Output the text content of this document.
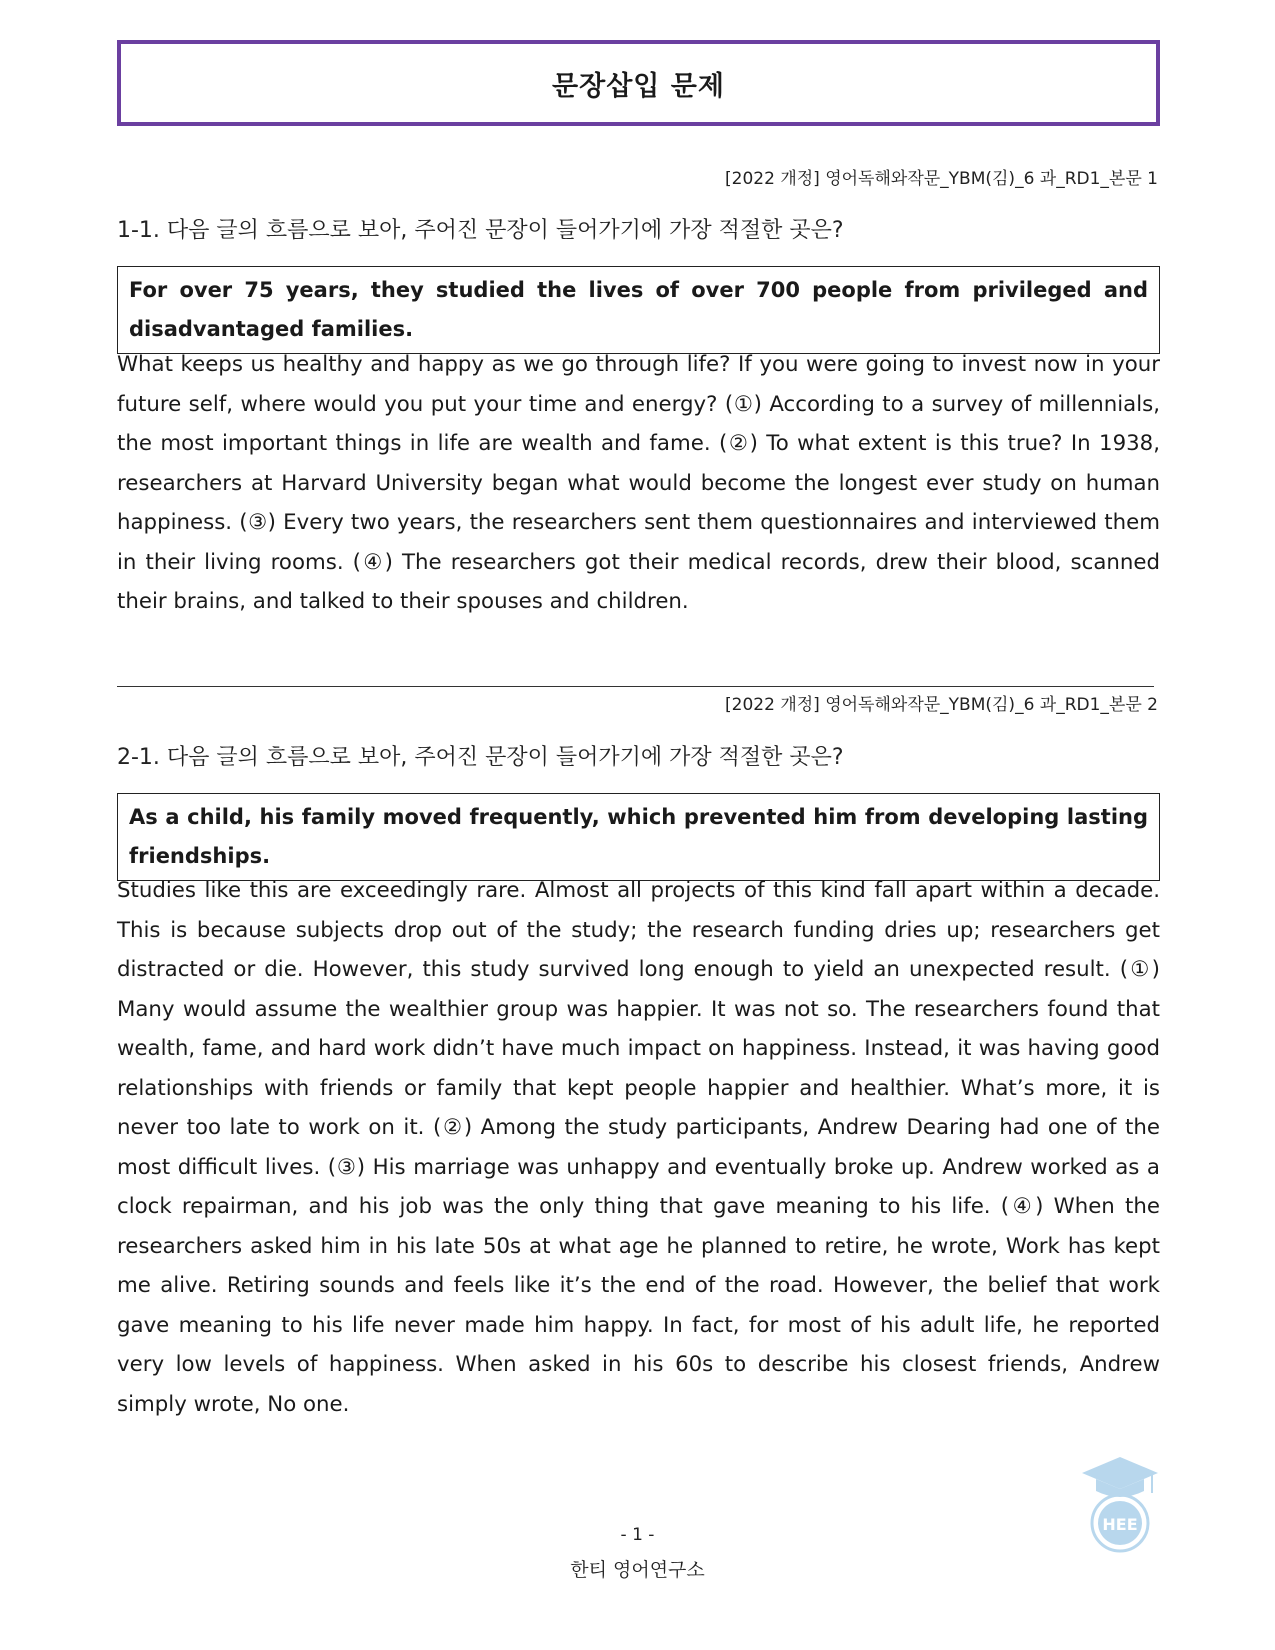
문장삽입 문제
[2022 개정] 영어독해와작문_YBM(김)_6 과_RD1_본문 1
1-1. 다음 글의 흐름으로 보아, 주어진 문장이 들어가기에 가장 적절한 곳은?
For over 75 years, they studied the lives of over 700 people from privileged and disadvantaged families.
What keeps us healthy and happy as we go through life? If you were going to invest now in your future self, where would you put your time and energy? (①) According to a survey of millennials, the most important things in life are wealth and fame. (②) To what extent is this true? In 1938, researchers at Harvard University began what would become the longest ever study on human happiness. (③) Every two years, the researchers sent them questionnaires and interviewed them in their living rooms. (④) The researchers got their medical records, drew their blood, scanned their brains, and talked to their spouses and children.
[2022 개정] 영어독해와작문_YBM(김)_6 과_RD1_본문 2
2-1. 다음 글의 흐름으로 보아, 주어진 문장이 들어가기에 가장 적절한 곳은?
As a child, his family moved frequently, which prevented him from developing lasting friendships.
Studies like this are exceedingly rare. Almost all projects of this kind fall apart within a decade. This is because subjects drop out of the study; the research funding dries up; researchers get distracted or die. However, this study survived long enough to yield an unexpected result. (①) Many would assume the wealthier group was happier. It was not so. The researchers found that wealth, fame, and hard work didn’t have much impact on happiness. Instead, it was having good relationships with friends or family that kept people happier and healthier. What’s more, it is never too late to work on it. (②) Among the study participants, Andrew Dearing had one of the most difficult lives. (③) His marriage was unhappy and eventually broke up. Andrew worked as a clock repairman, and his job was the only thing that gave meaning to his life. (④) When the researchers asked him in his late 50s at what age he planned to retire, he wrote, Work has kept me alive. Retiring sounds and feels like it’s the end of the road. However, the belief that work gave meaning to his life never made him happy. In fact, for most of his adult life, he reported very low levels of happiness. When asked in his 60s to describe his closest friends, Andrew simply wrote, No one.
HEE
- 1 -
한티 영어연구소
